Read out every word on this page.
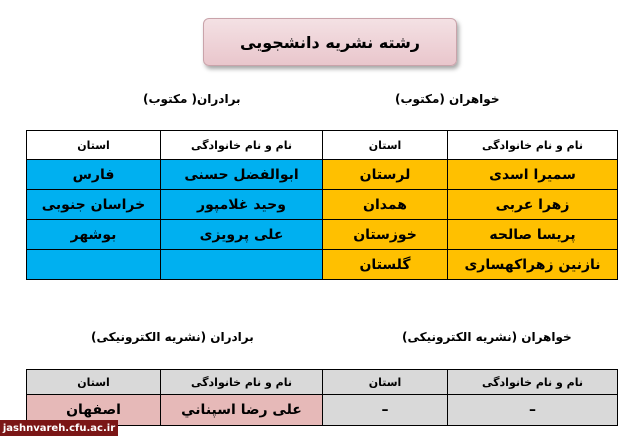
رشته نشریه دانشجویی
خواهران (مکتوب)
برادران( مکتوب)
نام و نام خانوادگی	استان	نام و نام خانوادگی	استان
سمیرا اسدی	لرستان	ابوالفضل حسنی	فارس
زهرا عربی	همدان	وحید غلامپور	خراسان جنوبی
پریسا صالحه	خوزستان	علی پرویزی	بوشهر
نازنین زهراکهساری	گلستان		
خواهران (نشریه الکترونیکی)
برادران (نشریه الکترونیکی)
نام و نام خانوادگی	استان	نام و نام خانوادگی	استان
–	–	علی رضا اسپناني	اصفهان
jashnvareh.cfu.ac.ir
